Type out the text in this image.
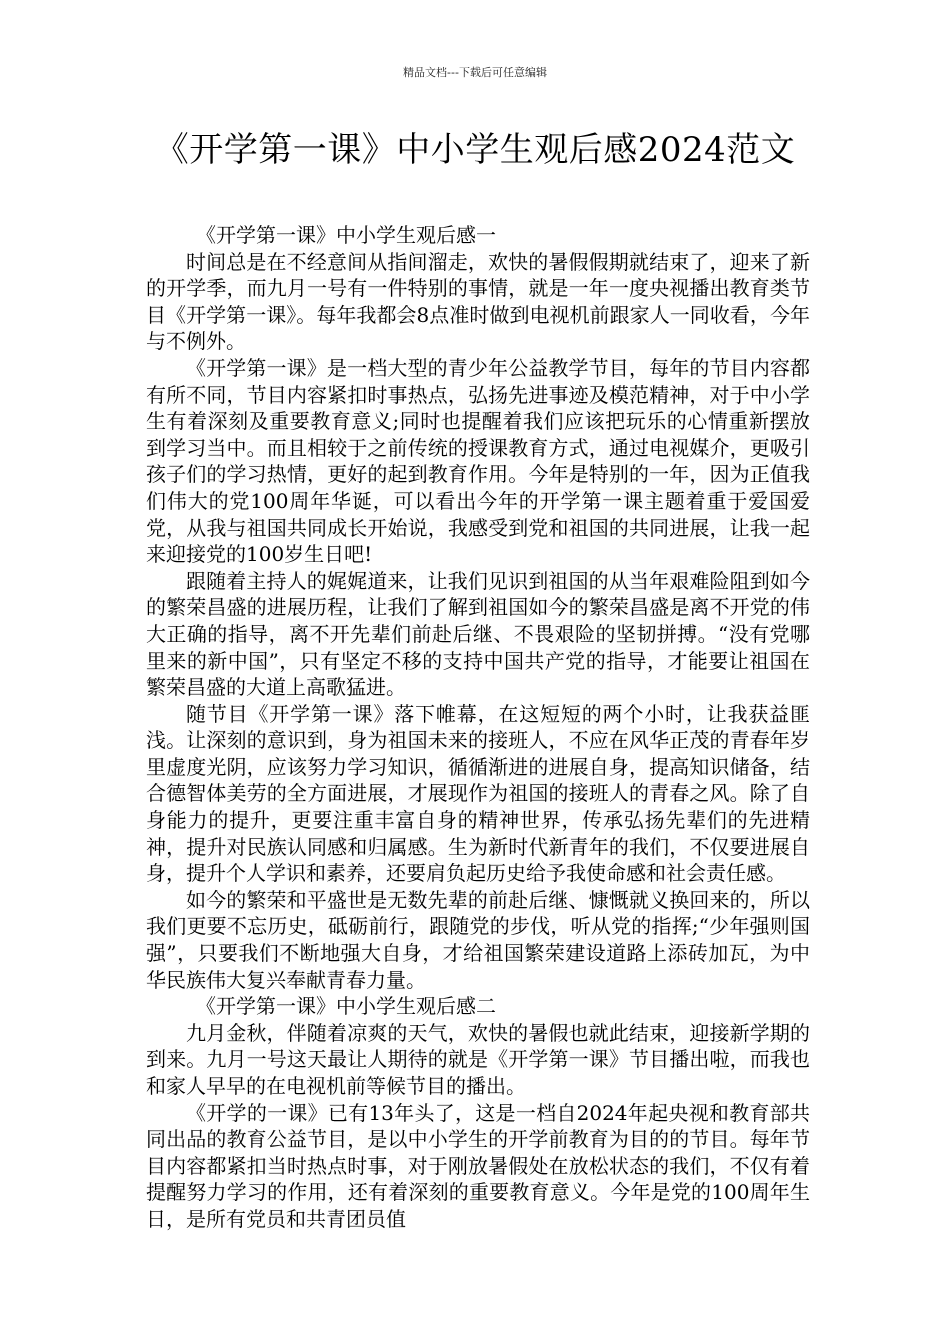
精品文档---下载后可任意编辑
《开学第一课》中小学生观后感2024范文

《开学第一课》中小学生观后感一

时间总是在不经意间从指间溜走，欢快的暑假假期就结束了，迎来了新的开学季，而九月一号有一件特别的事情，就是一年一度央视播出教育类节目《开学第一课》。每年我都会8点准时做到电视机前跟家人一同收看，今年与不例外。

《开学第一课》是一档大型的青少年公益教学节目，每年的节目内容都有所不同，节目内容紧扣时事热点，弘扬先进事迹及模范精神，对于中小学生有着深刻及重要教育意义;同时也提醒着我们应该把玩乐的心情重新摆放到学习当中。而且相较于之前传统的授课教育方式，通过电视媒介，更吸引孩子们的学习热情，更好的起到教育作用。今年是特别的一年，因为正值我们伟大的党100周年华诞，可以看出今年的开学第一课主题着重于爱国爱党，从我与祖国共同成长开始说，我感受到党和祖国的共同进展，让我一起来迎接党的100岁生日吧!

跟随着主持人的娓娓道来，让我们见识到祖国的从当年艰难险阻到如今的繁荣昌盛的进展历程，让我们了解到祖国如今的繁荣昌盛是离不开党的伟大正确的指导，离不开先辈们前赴后继、不畏艰险的坚韧拼搏。“没有党哪里来的新中国”，只有坚定不移的支持中国共产党的指导，才能要让祖国在繁荣昌盛的大道上高歌猛进。

随节目《开学第一课》落下帷幕，在这短短的两个小时，让我获益匪浅。让深刻的意识到，身为祖国未来的接班人，不应在风华正茂的青春年岁里虚度光阴，应该努力学习知识，循循渐进的进展自身，提高知识储备，结合德智体美劳的全方面进展，才展现作为祖国的接班人的青春之风。除了自身能力的提升，更要注重丰富自身的精神世界，传承弘扬先辈们的先进精神，提升对民族认同感和归属感。生为新时代新青年的我们，不仅要进展自身，提升个人学识和素养，还要肩负起历史给予我使命感和社会责任感。

如今的繁荣和平盛世是无数先辈的前赴后继、慷慨就义换回来的，所以我们更要不忘历史，砥砺前行，跟随党的步伐，听从党的指挥;“少年强则国强”，只要我们不断地强大自身，才给祖国繁荣建设道路上添砖加瓦，为中华民族伟大复兴奉献青春力量。

《开学第一课》中小学生观后感二

九月金秋，伴随着凉爽的天气，欢快的暑假也就此结束，迎接新学期的到来。九月一号这天最让人期待的就是《开学第一课》节目播出啦，而我也和家人早早的在电视机前等候节目的播出。

《开学的一课》已有13年头了，这是一档自2024年起央视和教育部共同出品的教育公益节目，是以中小学生的开学前教育为目的的节目。每年节目内容都紧扣当时热点时事，对于刚放暑假处在放松状态的我们，不仅有着提醒努力学习的作用，还有着深刻的重要教育意义。今年是党的100周年生日，是所有党员和共青团员值
